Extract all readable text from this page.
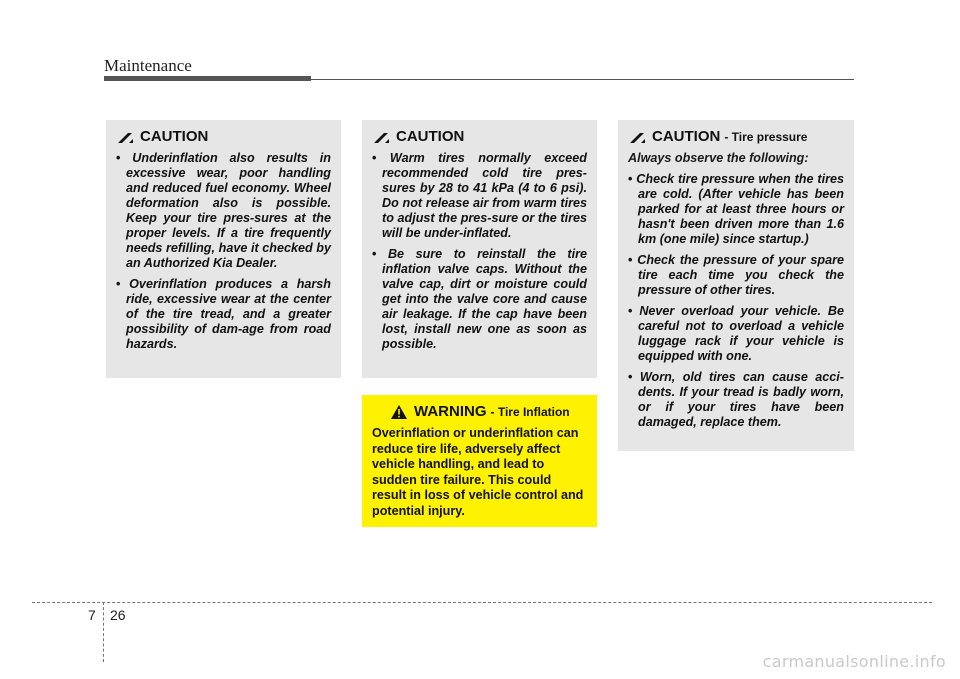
Maintenance
CAUTION
• Underinflation also results in excessive wear, poor handling and reduced fuel economy. Wheel deformation also is possible. Keep your tire pres-sures at the proper levels. If a tire frequently needs refilling, have it checked by an Authorized Kia Dealer.
• Overinflation produces a harsh ride, excessive wear at the center of the tire tread, and a greater possibility of dam-age from road hazards.
CAUTION
• Warm tires normally exceed recommended cold tire pres-sures by 28 to 41 kPa (4 to 6 psi). Do not release air from warm tires to adjust the pres-sure or the tires will be under-inflated.
• Be sure to reinstall the tire inflation valve caps. Without the valve cap, dirt or moisture could get into the valve core and cause air leakage. If the cap have been lost, install new one as soon as possible.
WARNING - Tire Inflation

Overinflation or underinflation can reduce tire life, adversely affect vehicle handling, and lead to sudden tire failure. This could result in loss of vehicle control and potential injury.

CAUTION - Tire pressure

Always observe the following:

• Check tire pressure when the tires are cold. (After vehicle has been parked for at least three hours or hasn't been driven more than 1.6 km (one mile) since startup.)
• Check the pressure of your spare tire each time you check the pressure of other tires.
• Never overload your vehicle. Be careful not to overload a vehicle luggage rack if your vehicle is equipped with one.
• Worn, old tires can cause acci-dents. If your tread is badly worn, or if your tires have been damaged, replace them.
7 26
carmanualsonline.info
